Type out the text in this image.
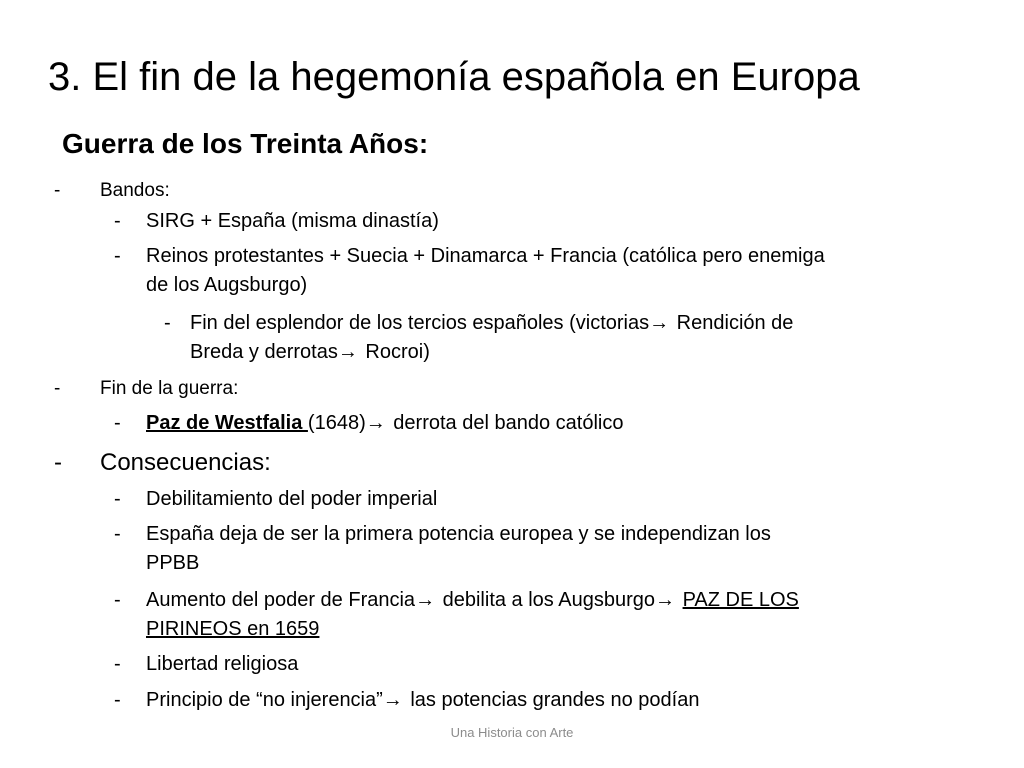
3. El fin de la hegemonía española en Europa
Guerra de los Treinta Años:
- Bandos:
- SIRG + España (misma dinastía)
- Reinos protestantes + Suecia + Dinamarca + Francia (católica pero enemiga
de los Augsburgo)
- Fin del esplendor de los tercios españoles (victorias→ Rendición de
Breda y derrotas→ Rocroi)
- Fin de la guerra:
- Paz de Westfalia (1648)→ derrota del bando católico
- Consecuencias:
- Debilitamiento del poder imperial
- España deja de ser la primera potencia europea y se independizan los
PPBB
- Aumento del poder de Francia→ debilita a los Augsburgo→ PAZ DE LOS
PIRINEOS en 1659
- Libertad religiosa
- Principio de “no injerencia”→ las potencias grandes no podían
Una Historia con Arte
